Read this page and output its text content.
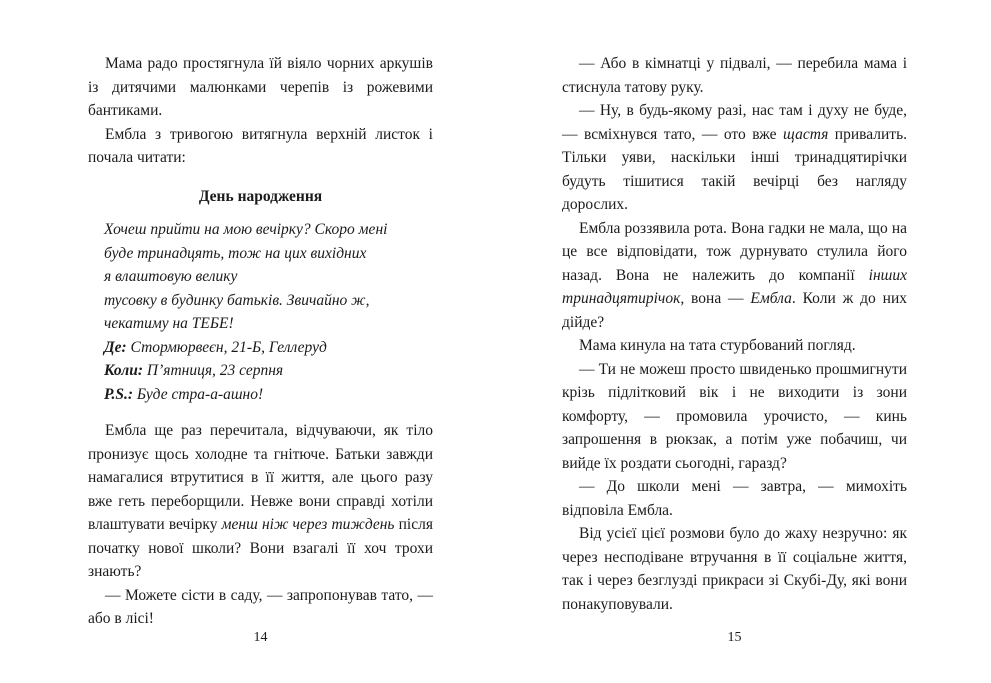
Мама радо простягнула їй віяло чорних аркушів із дитячими малюнками черепів із рожевими бантиками.

Ембла з тривогою витягнула верхній листок і почала читати:

День народження
Хочеш прийти на мою вечірку? Скоро мені
буде тринадцять, тож на цих вихідних
я влаштовую велику
тусовку в будинку батьків. Звичайно ж,
чекатиму на ТЕБЕ!
Де: Стормюрвеєн, 21-Б, Геллеруд
Коли: П’ятниця, 23 серпня
P.S.: Буде стра-а-ашно!

Ембла ще раз перечитала, відчуваючи, як тіло пронизує щось холодне та гнітюче. Батьки завжди намагалися втрутитися в її життя, але цього разу вже геть переборщили. Невже вони справді хотіли влаштувати вечірку менш ніж через тиждень після початку нової школи? Вони взагалі її хоч трохи знають?

— Можете сісти в саду, — запропонував тато, — або в лісі!

— Або в кімнатці у підвалі, — перебила мама і стиснула татову руку.

— Ну, в будь-якому разі, нас там і духу не буде, — всміхнувся тато, — ото вже щастя привалить. Тільки уяви, наскільки інші тринадцятирічки будуть тішитися такій вечірці без нагляду дорослих.

Ембла роззявила рота. Вона гадки не мала, що на це все відповідати, тож дурнувато стулила його назад. Вона не належить до компанії інших тринадцятирічок, вона — Ембла. Коли ж до них дійде?

Мама кинула на тата стурбований погляд.

— Ти не можеш просто швиденько прошмигнути крізь підлітковий вік і не виходити із зони комфорту, — промовила урочисто, — кинь запрошення в рюкзак, а потім уже побачиш, чи вийде їх роздати сьогодні, гаразд?

— До школи мені — завтра, — мимохіть відповіла Ембла.

Від усієї цієї розмови було до жаху незручно: як через несподіване втручання в її соціальне життя, так і через безглузді прикраси зі Скубі-Ду, які вони понакуповували.

14	15
